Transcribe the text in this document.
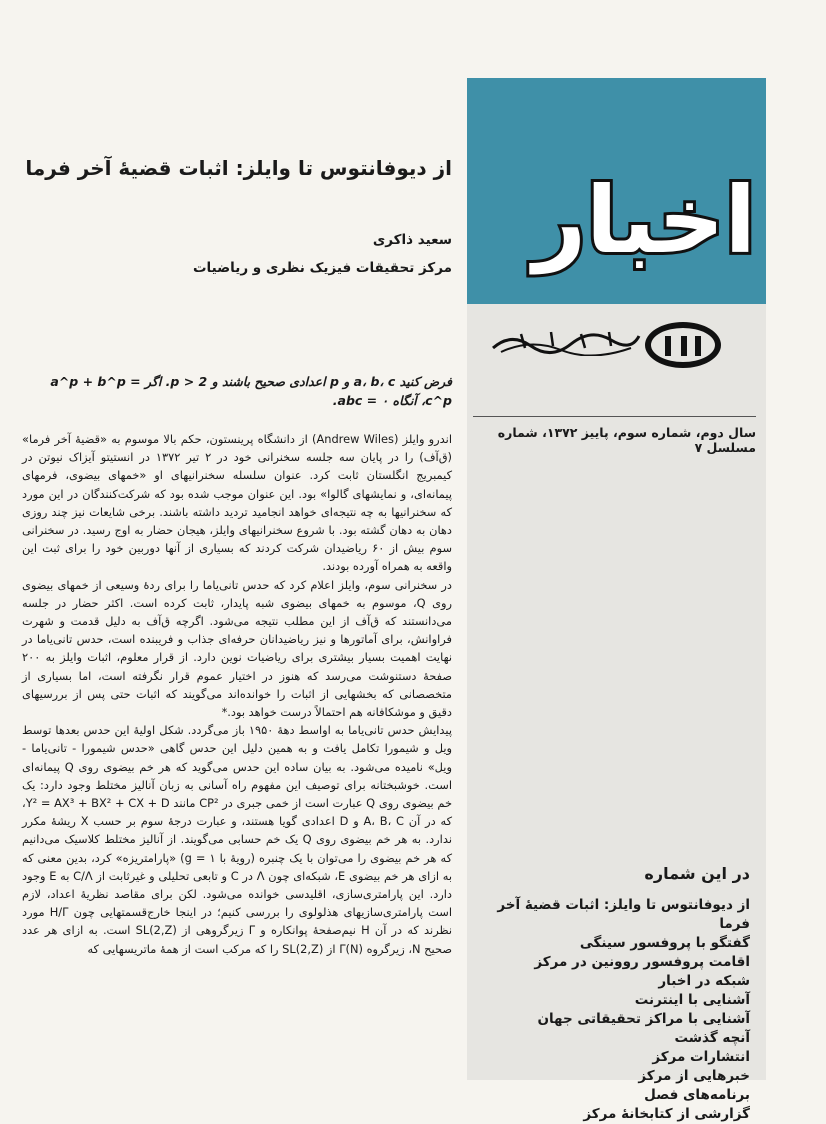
از دیوفانتوس تا وایلز: اثبات قضیهٔ آخر فرما
سعید ذاکری
مرکز تحقیقات فیزیک نظری و ریاضیات
فرض کنید a، b، c و p اعدادی صحیح باشند و p > 2. اگر a^p + b^p = c^p، آنگاه abc = ۰.

اندرو وایلز (Andrew Wiles) از دانشگاه پرینستون، حکم بالا موسوم به «قضیهٔ آخر فرما» (ق‌آف) را در پایان سه جلسه سخنرانی خود در ۲ تیر ۱۳۷۲ در انستیتو آیزاک نیوتن در کیمبریج انگلستان ثابت کرد. عنوان سلسله سخنرانیهای او «خمهای بیضوی، فرمهای پیمانه‌ای، و نمایشهای گالوا» بود. این عنوان موجب شده بود که شرکت‌کنندگان در این مورد که سخنرانیها به چه نتیجه‌ای خواهد انجامید تردید داشته باشند. برخی شایعات نیز چند روزی دهان به دهان گشته بود. با شروع سخنرانیهای وایلز، هیجان حضار به اوج رسید. در سخنرانی سوم بیش از ۶۰ ریاضیدان شرکت کردند که بسیاری از آنها دوربین خود را برای ثبت این واقعه به همراه آورده بودند.

در سخنرانی سوم، وایلز اعلام کرد که حدس تانی‌یاما را برای ردهٔ وسیعی از خمهای بیضوی روی Q، موسوم به خمهای بیضوی شبه پایدار، ثابت کرده است. اکثر حضار در جلسه می‌دانستند که ق‌آف از این مطلب نتیجه می‌شود. اگرچه ق‌آف به دلیل قدمت و شهرت فراوانش، برای آماتورها و نیز ریاضیدانان حرفه‌ای جذاب و فریبنده است، حدس تانی‌یاما در نهایت اهمیت بسیار بیشتری برای ریاضیات نوین دارد. از قرار معلوم، اثبات وایلز به ۲۰۰ صفحهٔ دستنوشت می‌رسد که هنوز در اختیار عموم قرار نگرفته است، اما بسیاری از متخصصانی که بخشهایی از اثبات را خوانده‌اند می‌گویند که اثبات حتی پس از بررسیهای دقیق و موشکافانه هم احتمالاً درست خواهد بود.*

پیدایش حدس تانی‌یاما به اواسط دههٔ ۱۹۵۰ باز می‌گردد. شکل اولیهٔ این حدس بعدها توسط ویل و شیمورا تکامل یافت و به همین دلیل این حدس گاهی «حدس شیمورا - تانی‌یاما - ویل» نامیده می‌شود. به بیان ساده این حدس می‌گوید که هر خم بیضوی روی Q پیمانه‌ای است. خوشبختانه برای توصیف این مفهوم راه آسانی به زبان آنالیز مختلط وجود دارد: یک خم بیضوی روی Q عبارت است از خمی جبری در CP² مانند Y² = AX³ + BX² + CX + D، که در آن A، B، C و D اعدادی گویا هستند، و عبارت درجهٔ سوم بر حسب X ریشهٔ مکرر ندارد. به هر خم بیضوی روی Q یک خم حسابی می‌گویند. از آنالیز مختلط کلاسیک می‌دانیم که هر خم بیضوی را می‌توان با یک چنبره (رویهٔ با ۱ = g) «پارامتریزه» کرد، بدین معنی که به ازای هر خم بیضوی E، شبکه‌ای چون Λ در C و تابعی تحلیلی و غیرثابت از C/Λ به E وجود دارد. این پارامتری‌سازی، اقلیدسی خوانده می‌شود. لکن برای مقاصد نظریهٔ اعداد، لازم است پارامتری‌سازیهای هذلولوی را بررسی کنیم؛ در اینجا خارج‌قسمتهایی چون H/Γ مورد نظرند که در آن H نیم‌صفحهٔ پوانکاره و Γ زیرگروهی از SL(2,Z) است. به ازای هر عدد صحیح N، زیرگروه Γ(N) از SL(2,Z) را که مرکب است از همهٔ ماتریسهایی که

اخبار
سال دوم، شماره سوم، پاییز ۱۳۷۲، شماره مسلسل ۷
در این شماره
از دیوفانتوس تا وایلز: اثبات قضیهٔ آخر فرما
گفتگو با پروفسور سینگی
اقامت پروفسور روونین در مرکز
شبکه در اخبار
آشنایی با اینترنت
آشنایی با مراکز تحقیقاتی جهان
آنچه گذشت
انتشارات مرکز
خبرهایی از مرکز
برنامه‌های فصل
گزارشی از کتابخانهٔ مرکز
